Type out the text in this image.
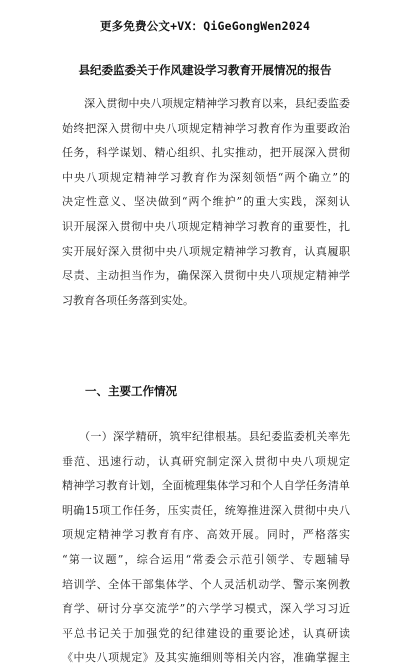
更多免费公文+VX：QiGeGongWen2024
县纪委监委关于作风建设学习教育开展情况的报告
　　深入贯彻中央八项规定精神学习教育以来，县纪委监委
始终把深入贯彻中央八项规定精神学习教育作为重要政治
任务，科学谋划、精心组织、扎实推动，把开展深入贯彻
中央八项规定精神学习教育作为深刻领悟“两个确立”的
决定性意义、坚决做到“两个维护”的重大实践，深刻认
识开展深入贯彻中央八项规定精神学习教育的重要性，扎
实开展好深入贯彻中央八项规定精神学习教育，认真履职
尽责、主动担当作为，确保深入贯彻中央八项规定精神学
习教育各项任务落到实处。
　　一、主要工作情况
　　（一）深学精研，筑牢纪律根基。县纪委监委机关率先
垂范、迅速行动，认真研究制定深入贯彻中央八项规定
精神学习教育计划，全面梳理集体学习和个人自学任务清单
明确15项工作任务，压实责任，统筹推进深入贯彻中央八
项规定精神学习教育有序、高效开展。同时，严格落实
“第一议题”，综合运用“常委会示范引领学、专题辅导
培训学、全体干部集体学、个人灵活机动学、警示案例教
育学、研讨分享交流学”的六学学习模式，深入学习习近
平总书记关于加强党的纪律建设的重要论述，认真研读
《中央八项规定》及其实施细则等相关内容，准确掌握主
